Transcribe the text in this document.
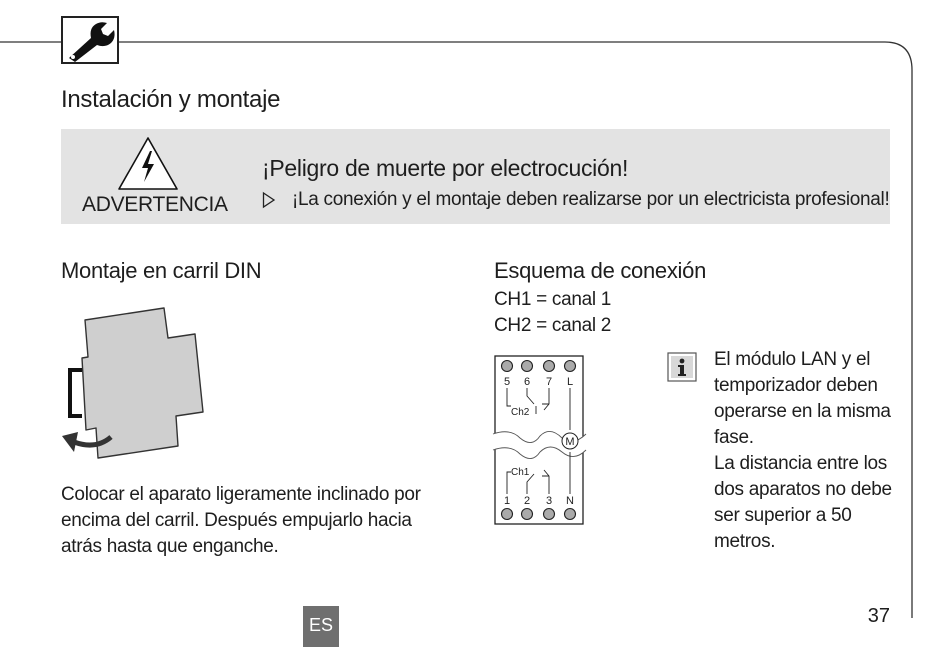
Instalación y montaje
ADVERTENCIA
¡Peligro de muerte por electrocución!
¡La conexión y el montaje deben realizarse por un electricista profesional!
Montaje en carril DIN
Colocar el aparato ligeramente inclinado por encima del carril. Después empujarlo hacia atrás hasta que enganche.
Esquema de conexión
CH1 = canal 1
CH2 = canal 2
5 6 7 L
Ch2
M
Ch1
1 2 3 N
El módulo LAN y el
temporizador deben
operarse en la misma
fase.
La distancia entre los
dos aparatos no debe
ser superior a 50
metros.
ES	37
